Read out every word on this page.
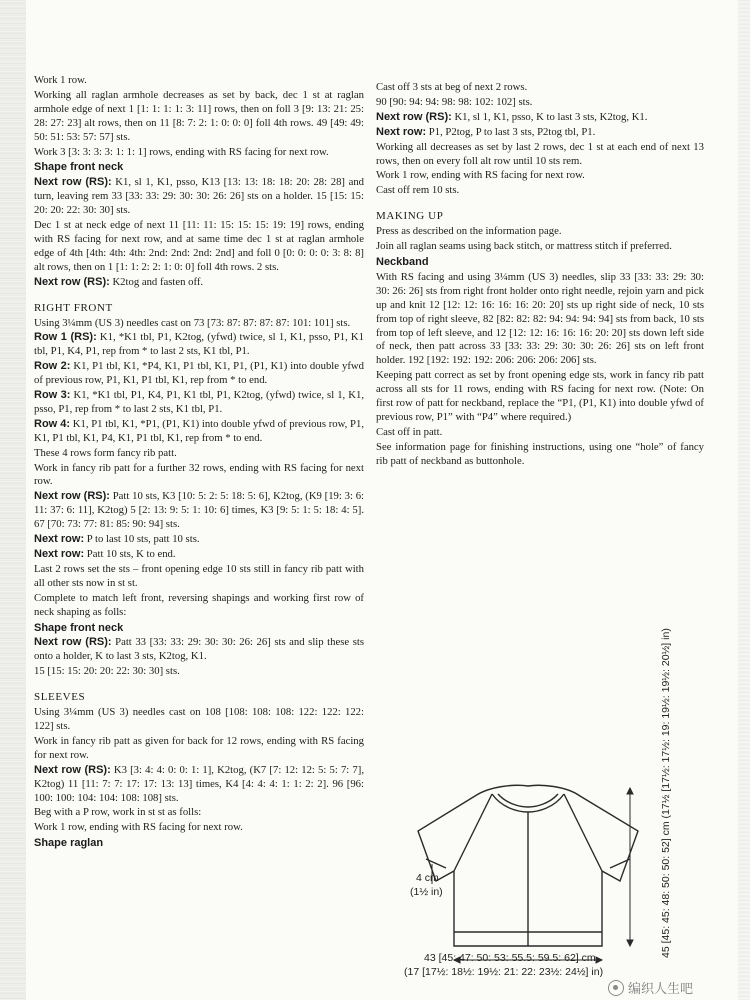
Work 1 row.

Working all raglan armhole decreases as set by back, dec 1 st at raglan armhole edge of next 1 [1: 1: 1: 1: 3: 11] rows, then on foll 3 [9: 13: 21: 25: 28: 27: 23] alt rows, then on 11 [8: 7: 2: 1: 0: 0: 0] foll 4th rows. 49 [49: 49: 50: 51: 53: 57: 57] sts.

Work 3 [3: 3: 3: 3: 1: 1: 1] rows, ending with RS facing for next row.

Shape front neck

Next row (RS): K1, sl 1, K1, psso, K13 [13: 13: 18: 18: 20: 28: 28] and turn, leaving rem 33 [33: 33: 29: 30: 30: 26: 26] sts on a holder. 15 [15: 15: 20: 20: 22: 30: 30] sts.

Dec 1 st at neck edge of next 11 [11: 11: 15: 15: 15: 19: 19] rows, ending with RS facing for next row, and at same time dec 1 st at raglan armhole edge of 4th [4th: 4th: 4th: 2nd: 2nd: 2nd: 2nd] and foll 0 [0: 0: 0: 0: 3: 8: 8] alt rows, then on 1 [1: 1: 2: 2: 1: 0: 0] foll 4th rows. 2 sts.

Next row (RS): K2tog and fasten off.

RIGHT FRONT

Using 3¼mm (US 3) needles cast on 73 [73: 87: 87: 87: 87: 101: 101] sts.

Row 1 (RS): K1, *K1 tbl, P1, K2tog, (yfwd) twice, sl 1, K1, psso, P1, K1 tbl, P1, K4, P1, rep from * to last 2 sts, K1 tbl, P1.

Row 2: K1, P1 tbl, K1, *P4, K1, P1 tbl, K1, P1, (P1, K1) into double yfwd of previous row, P1, K1, P1 tbl, K1, rep from * to end.

Row 3: K1, *K1 tbl, P1, K4, P1, K1 tbl, P1, K2tog, (yfwd) twice, sl 1, K1, psso, P1, rep from * to last 2 sts, K1 tbl, P1.

Row 4: K1, P1 tbl, K1, *P1, (P1, K1) into double yfwd of previous row, P1, K1, P1 tbl, K1, P4, K1, P1 tbl, K1, rep from * to end.

These 4 rows form fancy rib patt.

Work in fancy rib patt for a further 32 rows, ending with RS facing for next row.

Next row (RS): Patt 10 sts, K3 [10: 5: 2: 5: 18: 5: 6], K2tog, (K9 [19: 3: 6: 11: 37: 6: 11], K2tog) 5 [2: 13: 9: 5: 1: 10: 6] times, K3 [9: 5: 1: 5: 18: 4: 5]. 67 [70: 73: 77: 81: 85: 90: 94] sts.

Next row: P to last 10 sts, patt 10 sts.

Next row: Patt 10 sts, K to end.

Last 2 rows set the sts – front opening edge 10 sts still in fancy rib patt with all other sts now in st st.

Complete to match left front, reversing shapings and working first row of neck shaping as folls:

Shape front neck

Next row (RS): Patt 33 [33: 33: 29: 30: 30: 26: 26] sts and slip these sts onto a holder, K to last 3 sts, K2tog, K1.

15 [15: 15: 20: 20: 22: 30: 30] sts.

SLEEVES

Using 3¼mm (US 3) needles cast on 108 [108: 108: 108: 122: 122: 122: 122] sts.

Work in fancy rib patt as given for back for 12 rows, ending with RS facing for next row.

Next row (RS): K3 [3: 4: 4: 0: 0: 1: 1], K2tog, (K7 [7: 12: 12: 5: 5: 7: 7], K2tog) 11 [11: 7: 7: 17: 17: 13: 13] times, K4 [4: 4: 4: 1: 1: 2: 2]. 96 [96: 100: 100: 104: 104: 108: 108] sts.

Beg with a P row, work in st st as folls:

Work 1 row, ending with RS facing for next row.

Shape raglan

Cast off 3 sts at beg of next 2 rows.

90 [90: 94: 94: 98: 98: 102: 102] sts.

Next row (RS): K1, sl 1, K1, psso, K to last 3 sts, K2tog, K1.

Next row: P1, P2tog, P to last 3 sts, P2tog tbl, P1.

Working all decreases as set by last 2 rows, dec 1 st at each end of next 13 rows, then on every foll alt row until 10 sts rem.

Work 1 row, ending with RS facing for next row.

Cast off rem 10 sts.

MAKING UP

Press as described on the information page.

Join all raglan seams using back stitch, or mattress stitch if preferred.

Neckband

With RS facing and using 3¼mm (US 3) needles, slip 33 [33: 33: 29: 30: 30: 26: 26] sts from right front holder onto right needle, rejoin yarn and pick up and knit 12 [12: 12: 16: 16: 16: 20: 20] sts up right side of neck, 10 sts from top of right sleeve, 82 [82: 82: 82: 94: 94: 94: 94] sts from back, 10 sts from top of left sleeve, and 12 [12: 12: 16: 16: 16: 20: 20] sts down left side of neck, then patt across 33 [33: 33: 29: 30: 30: 26: 26] sts on left front holder. 192 [192: 192: 192: 206: 206: 206: 206] sts.

Keeping patt correct as set by front opening edge sts, work in fancy rib patt across all sts for 11 rows, ending with RS facing for next row. (Note: On first row of patt for neckband, replace the “P1, (P1, K1) into double yfwd of previous row, P1” with “P4” where required.)

Cast off in patt.

See information page for finishing instructions, using one “hole” of fancy rib patt of neckband as buttonhole.

4 cm
(1½ in)
43 [45: 47: 50: 53: 55.5: 59.5: 62] cm
(17 [17½: 18½: 19½: 21: 22: 23½: 24½] in)
45 [45: 45: 48: 50: 50: 52] cm (17½ [17½: 17½: 19: 19½: 19½: 20½] in)
编织人生吧
